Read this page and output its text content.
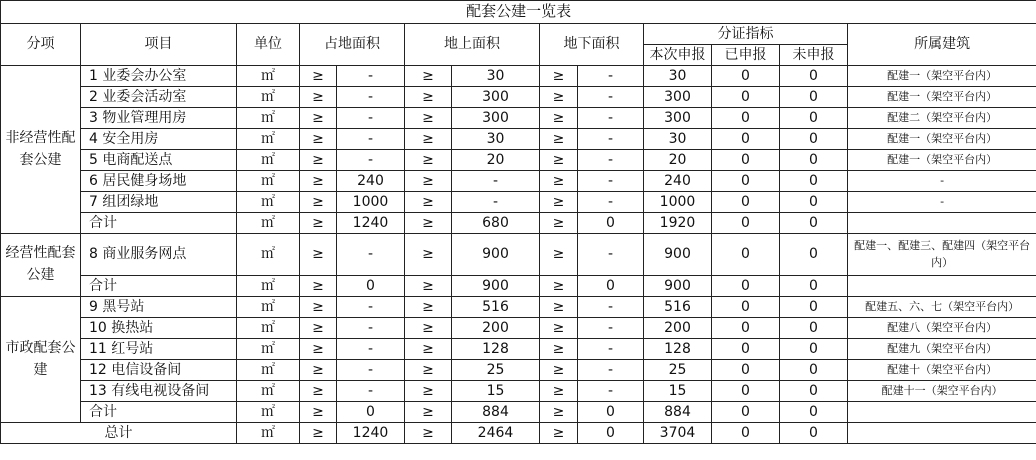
配套公建一览表												
分项	项目	单位	占地面积		地上面积		地下面积		分证指标			所属建筑
									本次申报	已申报	未申报	
非经营性配套公建	1 业委会办公室	㎡	≥	-	≥	30	≥	-	30	0	0	配建一（架空平台内）
	2 业委会活动室	㎡	≥	-	≥	300	≥	-	300	0	0	配建一（架空平台内）
	3 物业管理用房	㎡	≥	-	≥	300	≥	-	300	0	0	配建二（架空平台内）
	4 安全用房	㎡	≥	-	≥	30	≥	-	30	0	0	配建一（架空平台内）
	5 电商配送点	㎡	≥	-	≥	20	≥	-	20	0	0	配建一（架空平台内）
	6 居民健身场地	㎡	≥	240	≥	-	≥	-	240	0	0	-
	7 组团绿地	㎡	≥	1000	≥	-	≥	-	1000	0	0	-
	合计	㎡	≥	1240	≥	680	≥	0	1920	0	0	
经营性配套公建	8 商业服务网点	㎡	≥	-	≥	900	≥	-	900	0	0	配建一、配建三、配建四（架空平台内）
	合计	㎡	≥	0	≥	900	≥	0	900	0	0	
市政配套公建	9 黑号站	㎡	≥	-	≥	516	≥	-	516	0	0	配建五、六、七（架空平台内）
	10 换热站	㎡	≥	-	≥	200	≥	-	200	0	0	配建八（架空平台内）
	11 红号站	㎡	≥	-	≥	128	≥	-	128	0	0	配建九（架空平台内）
	12 电信设备间	㎡	≥	-	≥	25	≥	-	25	0	0	配建十（架空平台内）
	13 有线电视设备间	㎡	≥	-	≥	15	≥	-	15	0	0	配建十一（架空平台内）
	合计	㎡	≥	0	≥	884	≥	0	884	0	0	
总计		㎡	≥	1240	≥	2464	≥	0	3704	0	0	
